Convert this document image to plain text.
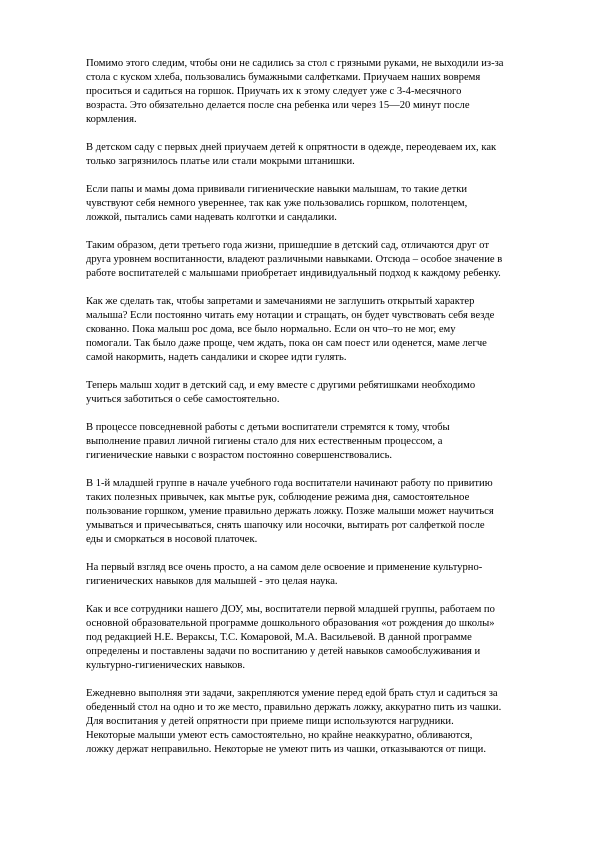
Помимо этого следим, чтобы они не садились за стол с грязными руками, не выходили из-за
стола с куском хлеба, пользовались бумажными салфетками. Приучаем наших вовремя
проситься и садиться на горшок. Приучать их к этому следует уже с 3-4-месячного
возраста. Это обязательно делается после сна ребенка или через 15—20 минут после
кормления.

В детском саду с первых дней приучаем детей к опрятности в одежде, переодеваем их, как
только загрязнилось платье или стали мокрыми штанишки.

Если папы и мамы дома прививали гигиенические навыки малышам, то такие детки
чувствуют себя немного увереннее, так как уже пользовались горшком, полотенцем,
ложкой, пытались сами надевать колготки и сандалики.

Таким образом, дети третьего года жизни, пришедшие в детский сад, отличаются друг от
друга уровнем воспитанности, владеют различными навыками. Отсюда – особое значение в
работе воспитателей с малышами приобретает индивидуальный подход к каждому ребенку.

Как же сделать так, чтобы запретами и замечаниями не заглушить открытый характер
малыша? Если постоянно читать ему нотации и стращать, он будет чувствовать себя везде
скованно. Пока малыш рос дома, все было нормально. Если он что–то не мог, ему
помогали. Так было даже проще, чем ждать, пока он сам поест или оденется, маме легче
самой накормить, надеть сандалики и скорее идти гулять.

Теперь малыш ходит в детский сад, и ему вместе с другими ребятишками необходимо
учиться заботиться о себе самостоятельно.

В процессе повседневной работы с детьми воспитатели стремятся к тому, чтобы
выполнение правил личной гигиены стало для них естественным процессом, а
гигиенические навыки с возрастом постоянно совершенствовались.

В 1-й младшей группе в начале учебного года воспитатели начинают работу по привитию
таких полезных привычек, как мытье рук, соблюдение режима дня, самостоятельное
пользование горшком, умение правильно держать ложку. Позже малыши может научиться
умываться и причесываться, снять шапочку или носочки, вытирать рот салфеткой после
еды и сморкаться в носовой платочек.

На первый взгляд все очень просто, а на самом деле освоение и применение культурно-
гигиенических навыков для малышей - это целая наука.

Как и все сотрудники нашего ДОУ, мы, воспитатели первой младшей группы, работаем по
основной образовательной программе дошкольного образования «от рождения до школы»
под редакцией Н.Е. Вераксы, Т.С. Комаровой, М.А. Васильевой. В данной программе
определены и поставлены задачи по воспитанию у детей навыков самообслуживания и
культурно-гигиенических навыков.

Ежедневно выполняя эти задачи, закрепляются умение перед едой брать стул и садиться за
обеденный стол на одно и то же место, правильно держать ложку, аккуратно пить из чашки.
Для воспитания у детей опрятности при приеме пищи используются нагрудники.
Некоторые малыши умеют есть самостоятельно, но крайне неаккуратно, обливаются,
ложку держат неправильно. Некоторые не умеют пить из чашки, отказываются от пищи.
